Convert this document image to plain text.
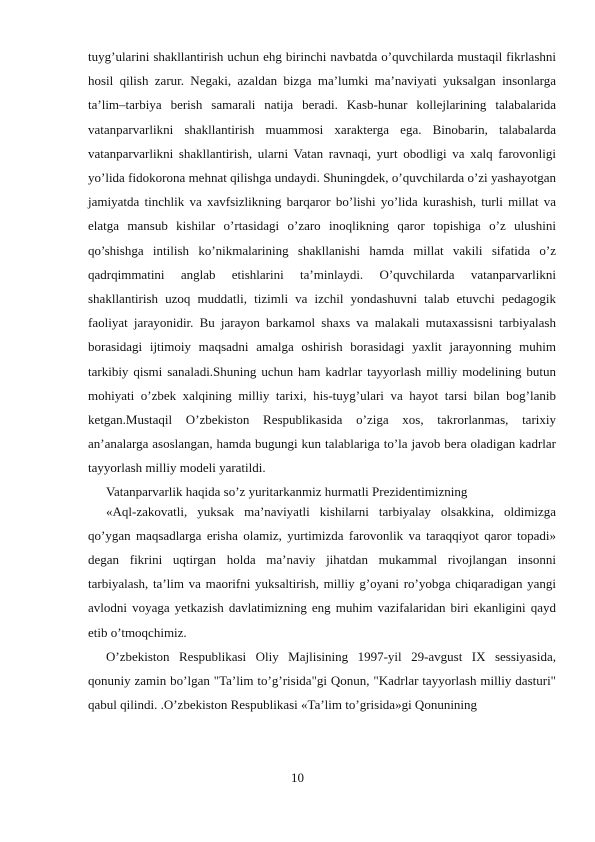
tuyg’ularini shakllantirish uchun ehg birinchi navbatda o’quvchilarda mustaqil fikrlashni hosil qilish zarur. Negaki, azaldan bizga ma’lumki ma’naviyati yuksalgan insonlarga ta’lim–tarbiya berish samarali natija beradi. Kasb-hunar kollejlarining talabalarida vatanparvarlikni shakllantirish muammosi xarakterga ega. Binobarin, talabalarda vatanparvarlikni shakllantirish, ularni Vatan ravnaqi, yurt obodligi va xalq farovonligi yo’lida fidokorona mehnat qilishga undaydi. Shuningdek, o’quvchilarda o’zi yashayotgan jamiyatda tinchlik va xavfsizlikning barqaror bo’lishi yo’lida kurashish, turli millat va elatga mansub kishilar o’rtasidagi o’zaro inoqlikning qaror topishiga o’z ulushini qo’shishga intilish ko’nikmalarining shakllanishi hamda millat vakili sifatida o’z qadrqimmatini anglab etishlarini ta’minlaydi. O’quvchilarda vatanparvarlikni shakllantirish uzoq muddatli, tizimli va izchil yondashuvni talab etuvchi pedagogik faoliyat jarayonidir. Bu jarayon barkamol shaxs va malakali mutaxassisni tarbiyalash borasidagi ijtimoiy maqsadni amalga oshirish borasidagi yaxlit jarayonning muhim tarkibiy qismi sanaladi.Shuning uchun ham kadrlar tayyorlash milliy modelining butun mohiyati o’zbek xalqining milliy tarixi, his-tuyg’ulari va hayot tarsi bilan bog’lanib ketgan.Mustaqil O’zbekiston Respublikasida o’ziga xos, takrorlanmas, tarixiy an’analarga asoslangan, hamda bugungi kun talablariga to’la javob bera oladigan kadrlar tayyorlash milliy modeli yaratildi.

Vatanparvarlik haqida so’z yuritarkanmiz hurmatli Prezidentimizning

«Aql-zakovatli, yuksak ma’naviyatli kishilarni tarbiyalay olsakkina, oldimizga qo’ygan maqsadlarga erisha olamiz, yurtimizda farovonlik va taraqqiyot qaror topadi» degan fikrini uqtirgan holda ma’naviy jihatdan mukammal rivojlangan insonni tarbiyalash, ta’lim va maorifni yuksaltirish, milliy g’oyani ro’yobga chiqaradigan yangi avlodni voyaga yetkazish davlatimizning eng muhim vazifalaridan biri ekanligini qayd etib o’tmoqchimiz.

O’zbekiston Respublikasi Oliy Majlisining 1997-yil 29-avgust IX sessiyasida, qonuniy zamin bo’lgan "Ta’lim to’g’risida"gi Qonun, "Kadrlar tayyorlash milliy dasturi" qabul qilindi. .O’zbekiston Respublikasi «Ta’lim to’grisida»gi Qonunining

10
